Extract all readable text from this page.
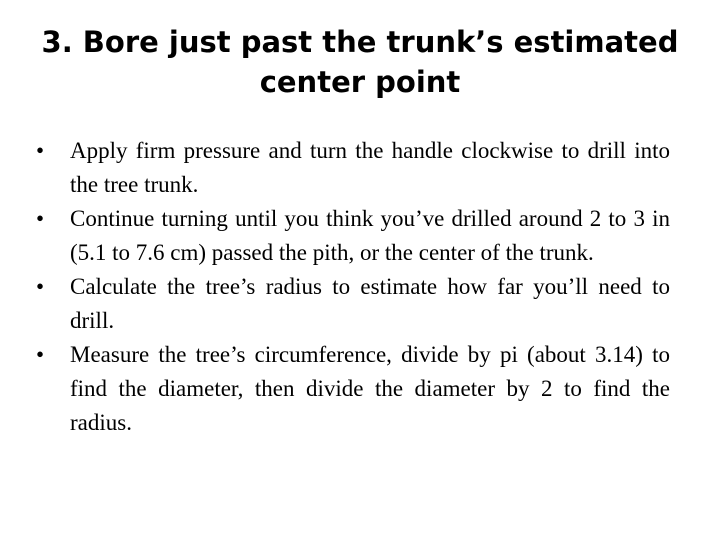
3. Bore just past the trunk’s estimated
center point
• Apply firm pressure and turn the handle clockwise to drill into the tree trunk.
• Continue turning until you think you’ve drilled around 2 to 3 in (5.1 to 7.6 cm) passed the pith, or the center of the trunk.
• Calculate the tree’s radius to estimate how far you’ll need to drill.
• Measure the tree’s circumference, divide by pi (about 3.14) to find the diameter, then divide the diameter by 2 to find the radius.
